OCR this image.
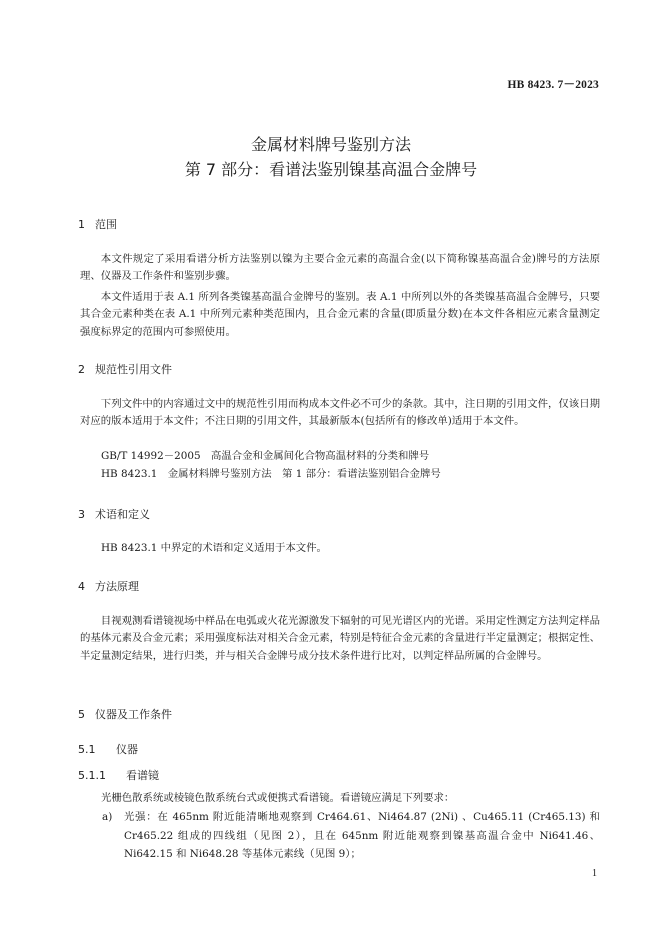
HB 8423. 7－2023
金属材料牌号鉴别方法
第 7 部分：看谱法鉴别镍基高温合金牌号
1 范围

本文件规定了采用看谱分析方法鉴别以镍为主要合金元素的高温合金(以下简称镍基高温合金)牌号的方法原理、仪器及工作条件和鉴别步骤。

本文件适用于表 A.1 所列各类镍基高温合金牌号的鉴别。表 A.1 中所列以外的各类镍基高温合金牌号，只要其合金元素种类在表 A.1 中所列元素种类范围内，且合金元素的含量(即质量分数)在本文件各相应元素含量测定强度标界定的范围内可参照使用。

2 规范性引用文件

下列文件中的内容通过文中的规范性引用而构成本文件必不可少的条款。其中，注日期的引用文件，仅该日期对应的版本适用于本文件；不注日期的引用文件，其最新版本(包括所有的修改单)适用于本文件。

GB/T 14992－2005　高温合金和金属间化合物高温材料的分类和牌号
HB 8423.1　金属材料牌号鉴别方法　第 1 部分：看谱法鉴别铝合金牌号
3 术语和定义
HB 8423.1 中界定的术语和定义适用于本文件。
4 方法原理

目视观测看谱镜视场中样品在电弧或火花光源激发下辐射的可见光谱区内的光谱。采用定性测定方法判定样品的基体元素及合金元素；采用强度标法对相关合金元素，特别是特征合金元素的含量进行半定量测定；根据定性、半定量测定结果，进行归类，并与相关合金牌号成分技术条件进行比对，以判定样品所属的合金牌号。

5 仪器及工作条件
5.1 仪器
5.1.1 看谱镜
光栅色散系统或棱镜色散系统台式或便携式看谱镜。看谱镜应满足下列要求：
a) 光强：在 465nm 附近能清晰地观察到 Cr464.61、Ni464.87 (2Ni) 、Cu465.11 (Cr465.13) 和 Cr465.22 组成的四线组（见图 2），且在 645nm 附近能观察到镍基高温合金中 Ni641.46、Ni642.15 和 Ni648.28 等基体元素线（见图 9）；
1
